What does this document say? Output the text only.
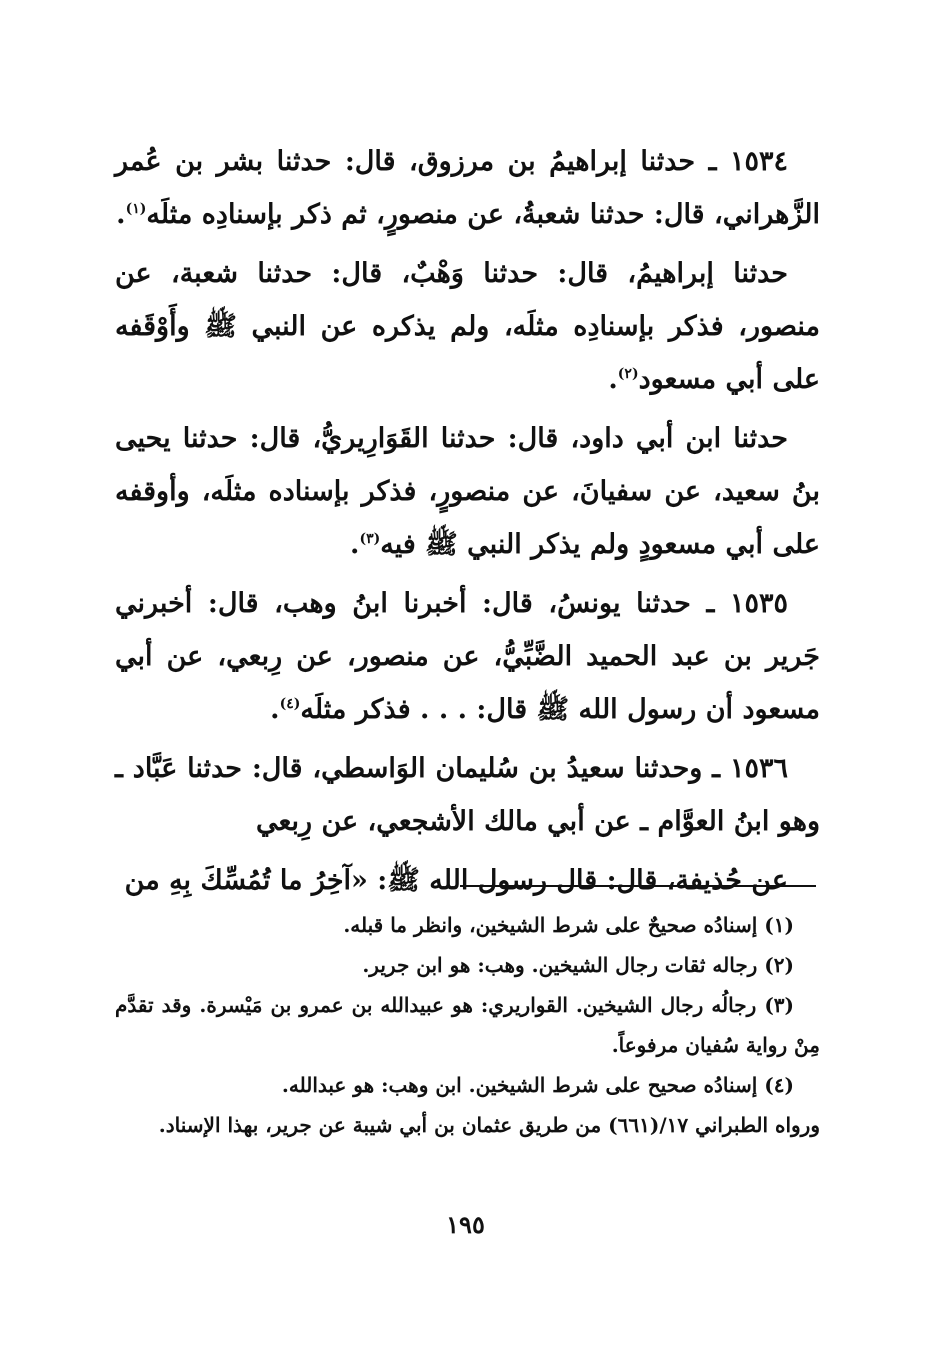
١٥٣٤ ـ حدثنا إبراهيمُ بن مرزوق، قال: حدثنا بشر بن عُمر الزَّهراني، قال: حدثنا شعبةُ، عن منصورٍ، ثم ذكر بإسنادِه مثلَه$^{(١)}$.

حدثنا إبراهيمُ، قال: حدثنا وَهْبٌ، قال: حدثنا شعبة، عن منصور، فذكر بإسنادِه مثلَه، ولم يذكره عن النبي ﷺ وأَوْقَفه على أبي مسعود$^{(٢)}$.

حدثنا ابن أبي داود، قال: حدثنا القَوَارِيريُّ، قال: حدثنا يحيى بنُ سعيد، عن سفيانَ، عن منصورٍ، فذكر بإسناده مثلَه، وأوقفه على أبي مسعودٍ ولم يذكر النبي ﷺ فيه$^{(٣)}$.

١٥٣٥ ـ حدثنا يونسُ، قال: أخبرنا ابنُ وهب، قال: أخبرني جَرير بن عبد الحميد الضَّبِّيُّ، عن منصور، عن رِبعي، عن أبي مسعود أن رسول الله ﷺ قال: . . . فذكر مثلَه$^{(٤)}$.

١٥٣٦ ـ وحدثنا سعيدُ بن سُليمان الوَاسطي، قال: حدثنا عَبَّاد ـ وهو ابنُ العوَّام ـ عن أبي مالك الأشجعي، عن رِبعي

عن حُذيفة، قال: قال رسول الله ﷺ: «آخِرُ ما تُمُسِّكَ بِهِ من

(١) إسنادُه صحيحٌ على شرط الشيخين، وانظر ما قبله.

(٢) رجاله ثقات رجال الشيخين. وهب: هو ابن جرير.

(٣) رجالُه رجال الشيخين. القواريري: هو عبيدالله بن عمرو بن مَيْسرة. وقد تقدَّم مِنْ رواية سُفيان مرفوعاً.

(٤) إسنادُه صحيح على شرط الشيخين. ابن وهب: هو عبدالله.

ورواه الطبراني ١٧/(٦٦١) من طريق عثمان بن أبي شيبة عن جرير، بهذا الإسناد.

١٩٥
